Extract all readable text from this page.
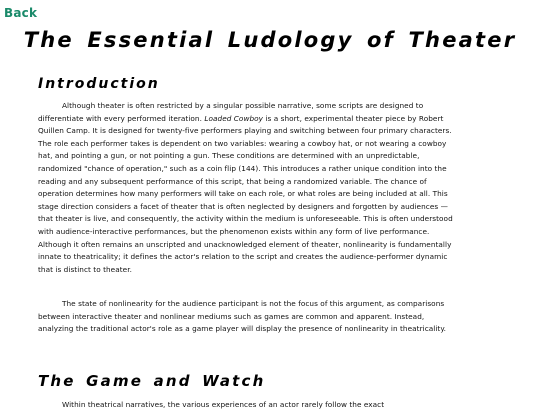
Back
The Essential Ludology of Theater
Introduction

Although theater is often restricted by a singular possible narrative, some scripts are designed to differentiate with every performed iteration. Loaded Cowboy is a short, experimental theater piece by Robert Quillen Camp. It is designed for twenty-five performers playing and switching between four primary characters. The role each performer takes is dependent on two variables: wearing a cowboy hat, or not wearing a cowboy hat, and pointing a gun, or not pointing a gun. These conditions are determined with an unpredictable, randomized "chance of operation," such as a coin flip (144). This introduces a rather unique condition into the reading and any subsequent performance of this script, that being a randomized variable. The chance of operation determines how many performers will take on each role, or what roles are being included at all. This stage direction considers a facet of theater that is often neglected by designers and forgotten by audiences — that theater is live, and consequently, the activity within the medium is unforeseeable. This is often understood with audience-interactive performances, but the phenomenon exists within any form of live performance. Although it often remains an unscripted and unacknowledged element of theater, nonlinearity is fundamentally innate to theatricality; it defines the actor's relation to the script and creates the audience-performer dynamic that is distinct to theater.

The state of nonlinearity for the audience participant is not the focus of this argument, as comparisons between interactive theater and nonlinear mediums such as games are common and apparent. Instead, analyzing the traditional actor's role as a game player will display the presence of nonlinearity in theatricality.

The Game and Watch

Within theatrical narratives, the various experiences of an actor rarely follow the exact
